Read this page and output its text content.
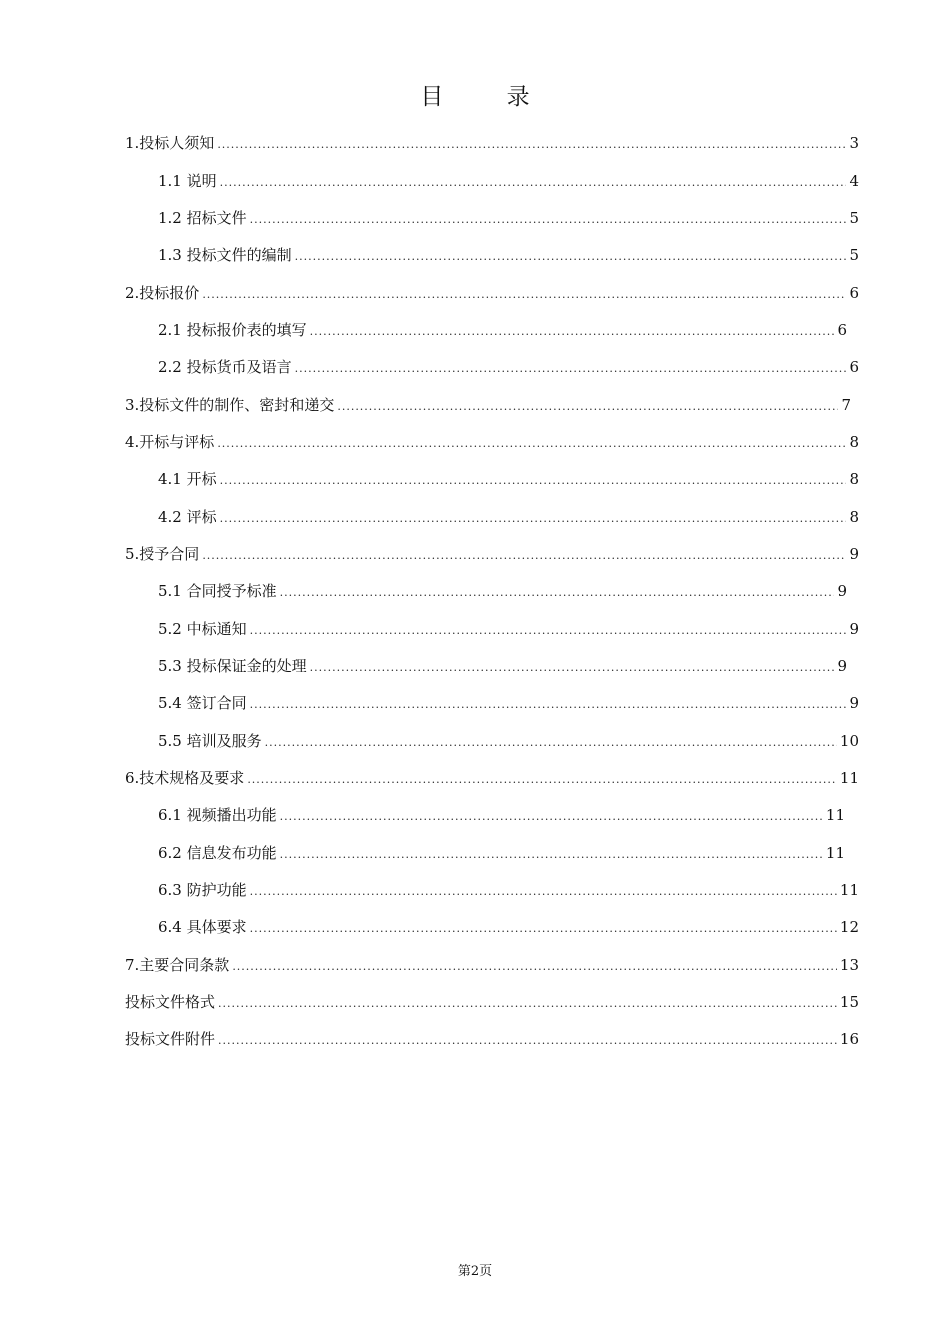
目 录
1.投标人须知 .....	3
1.1 说明 .....	4
1.2 招标文件 .....	5
1.3 投标文件的编制 .....	5
2.投标报价 .....	6
2.1 投标报价表的填写 .....	6
2.2 投标货币及语言 .....	6
3.投标文件的制作、密封和递交 .....	7
4.开标与评标 .....	8
4.1 开标 .....	8
4.2 评标 .....	8
5.授予合同 .....	9
5.1 合同授予标准 .....	9
5.2 中标通知 .....	9
5.3 投标保证金的处理 .....	9
5.4 签订合同 .....	9
5.5 培训及服务 .....	10
6.技术规格及要求 .....	11
6.1 视频播出功能 .....	11
6.2 信息发布功能 .....	11
6.3 防护功能 .....	11
6.4 具体要求 .....	12
7.主要合同条款 .....	13
投标文件格式 .....	15
投标文件附件 .....	16
第2页
